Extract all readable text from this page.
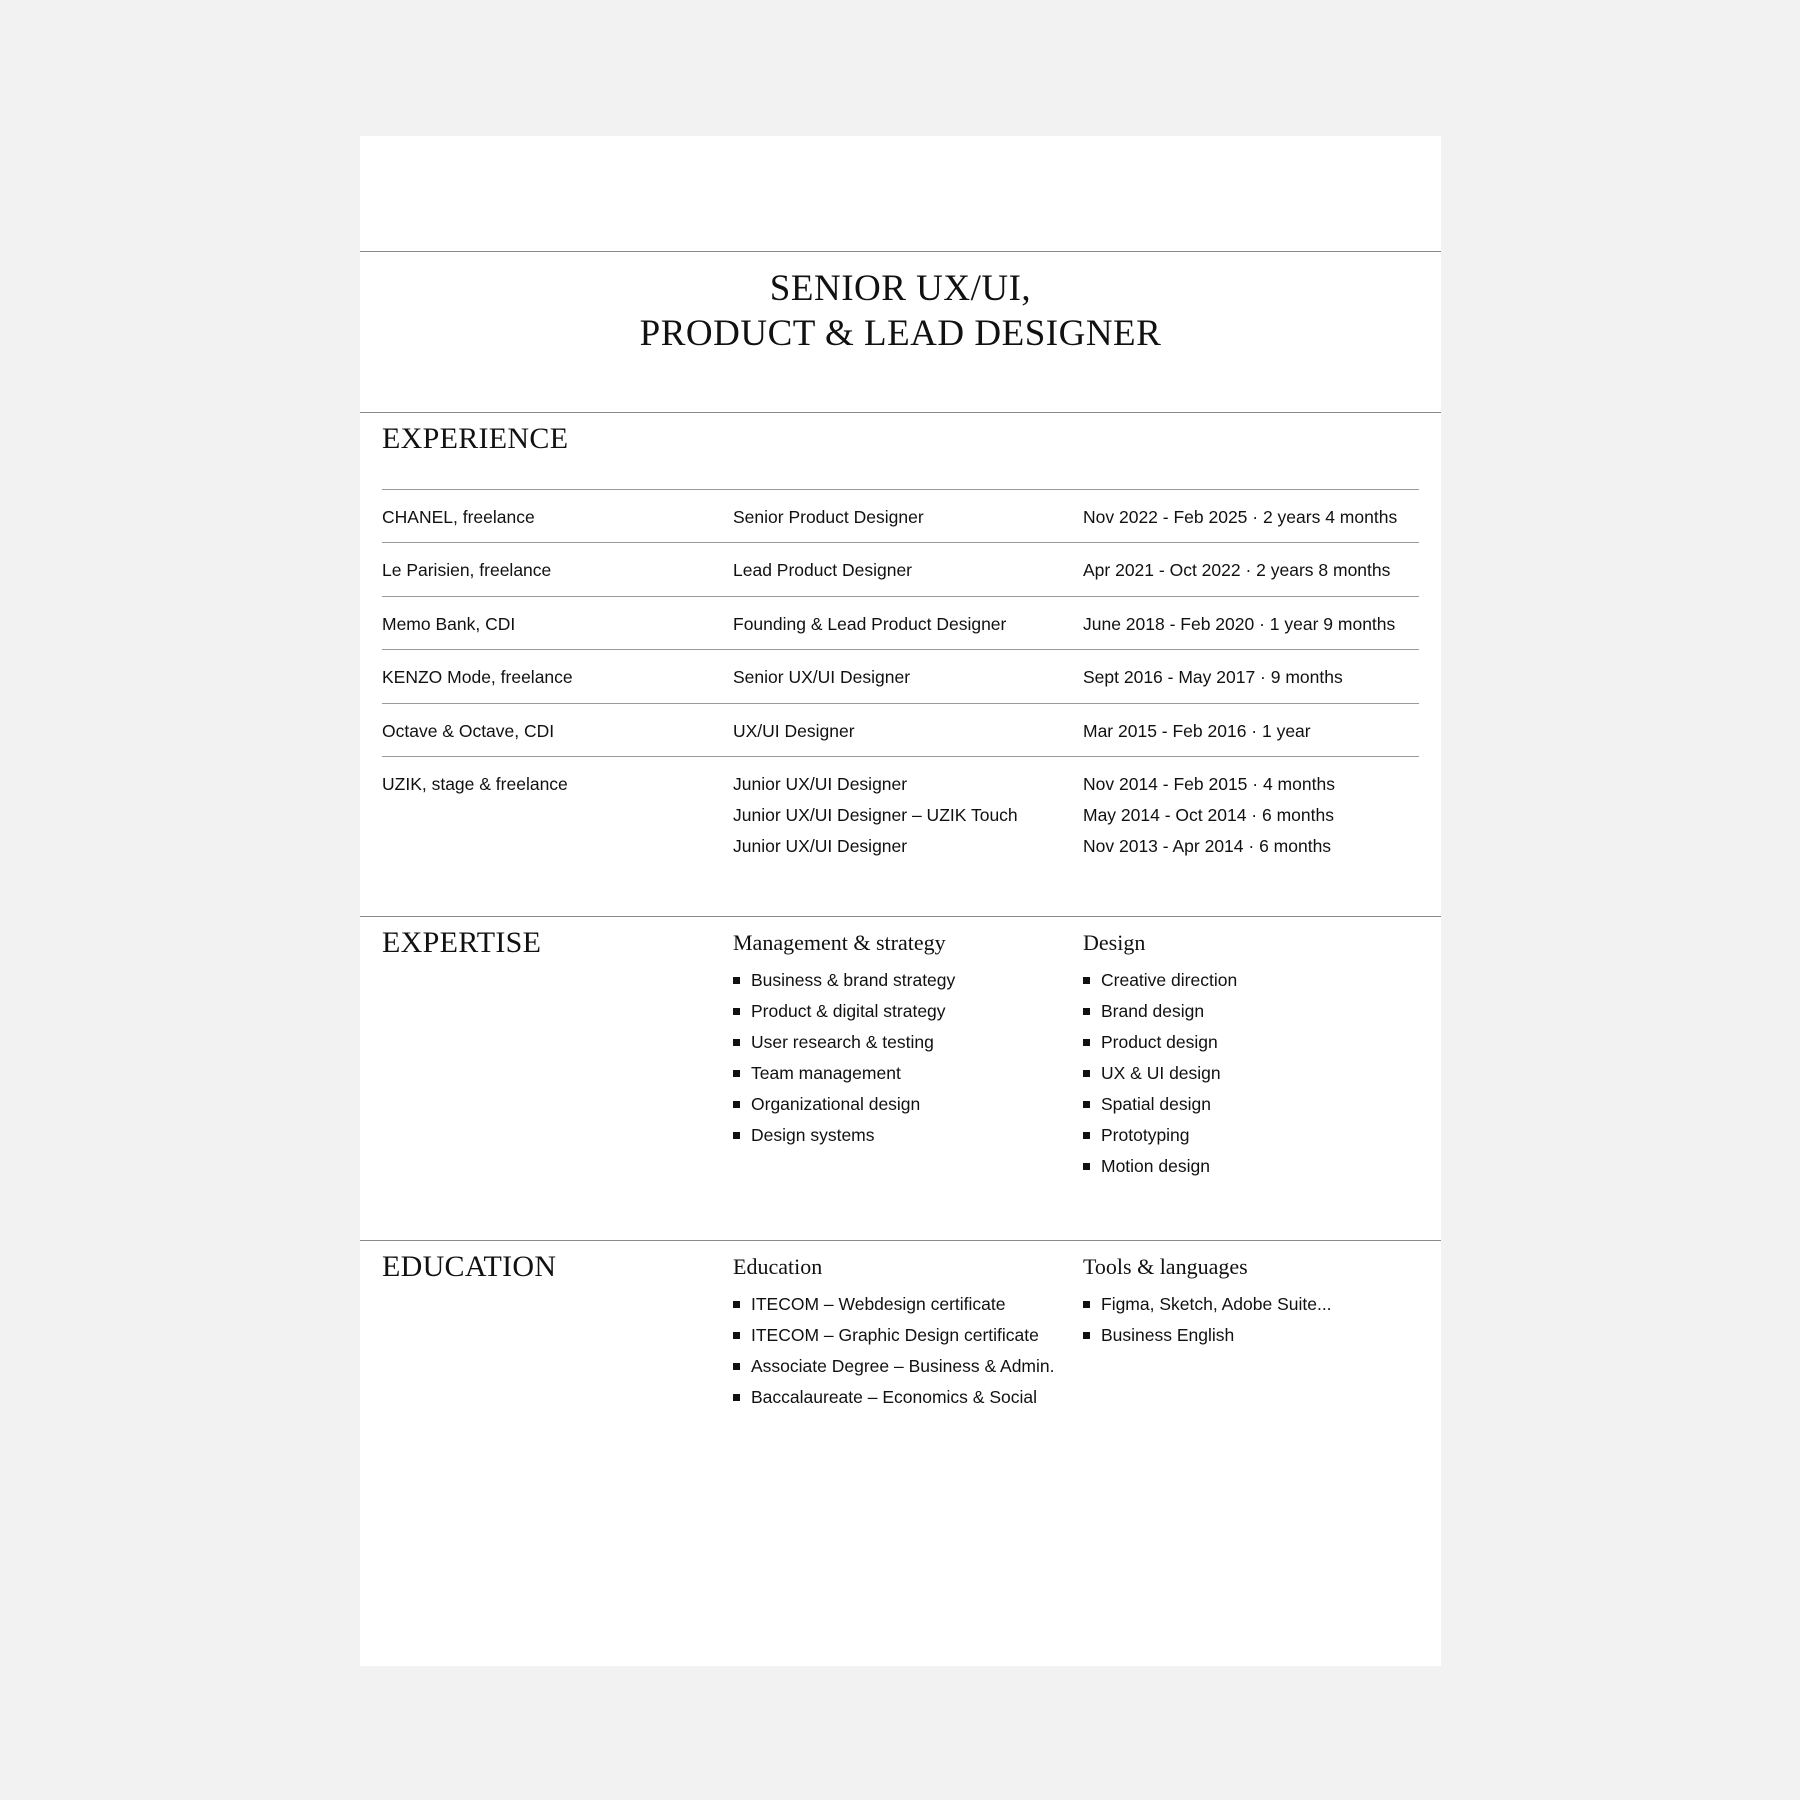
SENIOR UX/UI,
PRODUCT & LEAD DESIGNER
EXPERIENCE
CHANEL, freelance	Senior Product Designer	Nov 2022 - Feb 2025 · 2 years 4 months
Le Parisien, freelance	Lead Product Designer	Apr 2021 - Oct 2022 · 2 years 8 months
Memo Bank, CDI	Founding & Lead Product Designer	June 2018 - Feb 2020 · 1 year 9 months
KENZO Mode, freelance	Senior UX/UI Designer	Sept 2016 - May 2017 · 9 months
Octave & Octave, CDI	UX/UI Designer	Mar 2015 - Feb 2016 · 1 year
UZIK, stage & freelance	Junior UX/UI Designer	Nov 2014 - Feb 2015 · 4 months
Junior UX/UI Designer – UZIK Touch	May 2014 - Oct 2014 · 6 months
Junior UX/UI Designer	Nov 2013 - Apr 2014 · 6 months
EXPERTISE	Management & strategy
Business & brand strategy
Product & digital strategy
User research & testing
Team management
Organizational design
Design systems
Design
Creative direction
Brand design
Product design
UX & UI design
Spatial design
Prototyping
Motion design
EDUCATION	Education
ITECOM – Webdesign certificate
ITECOM – Graphic Design certificate
Associate Degree – Business & Admin.
Baccalaureate – Economics & Social
Tools & languages
Figma, Sketch, Adobe Suite...
Business English
